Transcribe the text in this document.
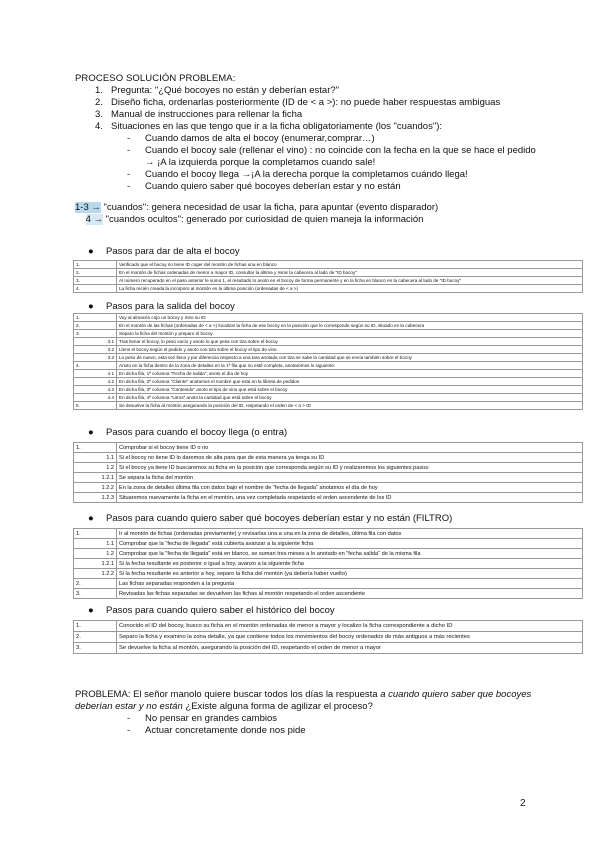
PROCESO SOLUCIÓN PROBLEMA:
1. Pregunta: "¿Qué bocoyes no están y deberían estar?"
2. Diseño ficha, ordenarlas posteriormente (ID de < a >): no puede haber respuestas ambiguas
3. Manual de instrucciones para rellenar la ficha
4. Situaciones en las que tengo que ir a la ficha obligatoriamente (los "cuandos"):
-	Cuando damos de alta el bocoy (enumerar,comprar…)
-	Cuando el bocoy sale (rellenar el vino) : no coincide con la fecha en la que se hace el pedido → ¡A la izquierda porque la completamos cuando sale!
-	Cuando el bocoy llega →¡A la derecha porque la completamos cuándo llega!
-	Cuando quiero saber qué bocoyes deberían estar y no están
1-3 → "cuandos": genera necesidad de usar la ficha, para apuntar (evento disparador)
4 → "cuandos ocultos": generado por curiosidad de quien maneja la información
● Pasos para dar de alta el bocoy
1.	Verificado que el bocoy no tiene ID coger del montón de fichas una en blanco
2.	En el montón de fichas ordenadas de menor a mayor ID, consultar la última y mirar la cabecera al lado de "ID bocoy"
3.	Al número recuperado en el paso anterior le sumo 1, el resultado lo anoto en el bocoy de forma permanente y en la ficha en blanco en la cabecera al lado de "ID bocoy"
4.	La ficha recién creada la incorporo al montón en la última posición (ordenadas de < a >)
● Pasos para la salida del bocoy
1.	Voy al almacén cojo un bocoy y miro su ID
2.	En el montón de las fichas (ordenadas de < a >) localizar la ficha de ese bocoy en la posición que le corresponde según su ID, situado en la cabecera
3.	Separo la ficha del montón y preparo el bocoy
3.1	Tras llenar el bocoy, lo peso vacío y anoto lo que pesa con tiza sobre el bocoy
3.2	Lleno el bocoy según el pedido y anoto con tiza sobre el bocoy el tipo de vino
3.3	Lo peso de nuevo, esta vez lleno y por diferencia respecto a una tara anotada con tiza se sabe la cantidad que se envía también sobre el bocoy
4.	Anoto en la ficha dentro de la zona de detalles en la 1ª fila que no esté completa, anotaremos lo siguiente:
4.1	En dicha fila, 1ª columna "Fecha de salida", anoto el día de hoy
4.2	En dicha fila, 2ª columna "Cliente" anotamos el nombre que está en la libreta de pedidos
4.3	En dicha fila, 3ª columna "Contenido" anoto el tipo de vino que está sobre el bocoy
4.4	En dicha fila, 4ª columna "Litros" anoto la cantidad que está sobre el bocoy
5.	Se devuelve la ficha al montón asegurando la posición del ID, respetando el orden de < a > ID
● Pasos para cuando el bocoy llega (o entra)
1.	Comprobar si el bocoy tiene ID o no
1.1	Si el bocoy no tiene ID lo daremos de alta para que de esta manera ya tenga su ID
1.2	Si el bocoy ya tiene ID buscaremos su ficha en la posición que corresponda según su ID y realizaremos los siguientes pasos:
1.2.1	Se separa la ficha del montón
1.2.2	En la zona de detalles última fila con datos bajo el nombre de "fecha de llegada" anotamos el día de hoy
1.2.3	Situaremos nuevamente la ficha en el montón, una vez completada respetando el orden ascendente de los ID
● Pasos para cuando quiero saber qué bocoyes deberían estar y no están (FILTRO)
1.	Ir al montón de fichas (ordenadas previamente) y revisarlas una a una en la zona de detalles, última fila con datos
1.1	Comprobar que la "fecha de llegada" está cubierta avanzar a la siguiente ficha
1.2	Comprobar que la "fecha de llegada" está en blanco, se suman tres meses a lo anotado en "fecha salida" de la misma fila
1.2.1	Si la fecha resultante es posterior o igual a hoy, avanzo a la siguiente ficha
1.2.2	Si la fecha resultante es anterior a hoy, separo la ficha del montón (ya debería haber vuelto)
2.	Las fichas separadas responden a la pregunta
3.	Revisadas las fichas separadas se devuelven las fichas al montón respetando el orden ascendente
● Pasos para cuando quiero saber el histórico del bocoy
1.	Conocido el ID del bocoy, busco su ficha en el montón ordenadas de menor a mayor y localizo la ficha correspondiente a dicho ID
2.	Separo la ficha y examino la zona detalle, ya que contiene todos los movimientos del bocoy ordenados de más antiguos a más recientes
3.	Se devuelve la ficha al montón, asegurando la posición del ID, respetando el orden de menor a mayor
PROBLEMA: El señor manolo quiere buscar todos los días la respuesta a cuando quiero saber que bocoyes deberían estar y no están ¿Existe alguna forma de agilizar el proceso?
-	No pensar en grandes cambios
-	Actuar concretamente donde nos pide
2
